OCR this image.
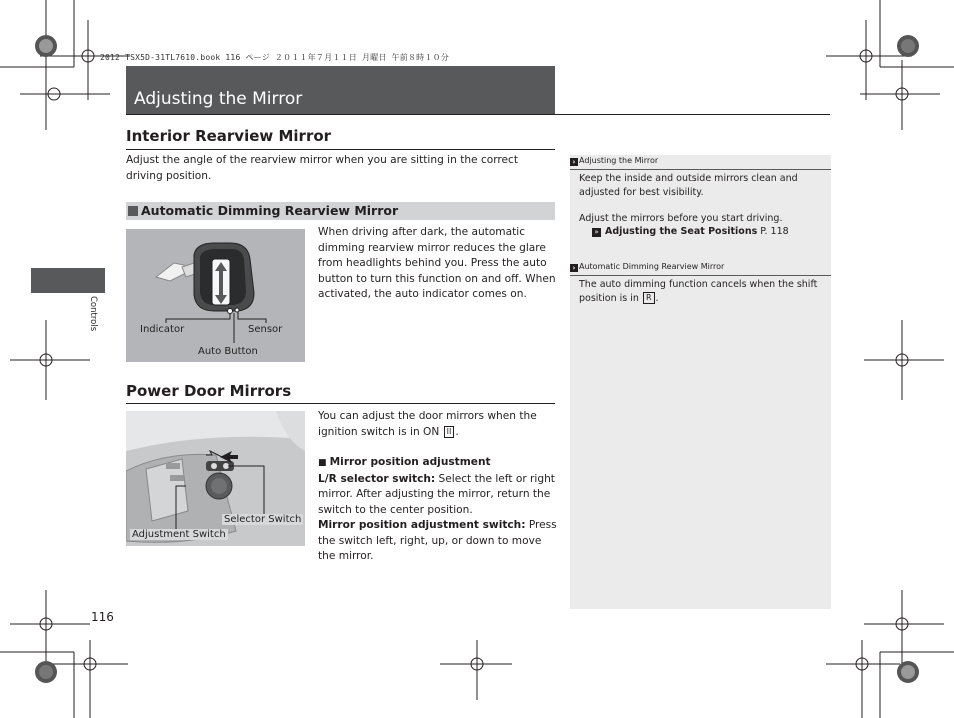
2012 TSX5D-31TL7610.book 116 ページ ２０１１年７月１１日 月曜日 午前８時１０分
Adjusting the Mirror
Controls
Interior Rearview Mirror
Adjust the angle of the rearview mirror when you are sitting in the correct driving position.
Automatic Dimming Rearview Mirror
Indicator	Sensor
Auto Button
When driving after dark, the automatic dimming rearview mirror reduces the glare from headlights behind you. Press the auto button to turn this function on and off. When activated, the auto indicator comes on.
Power Door Mirrors
Selector Switch
Adjustment Switch
You can adjust the door mirrors when the ignition switch is in ON II .
■ Mirror position adjustment
L/R selector switch: Select the left or right mirror. After adjusting the mirror, return the switch to the center position.
Mirror position adjustment switch: Press the switch left, right, up, or down to move the mirror.
› Adjusting the Mirror
Keep the inside and outside mirrors clean and adjusted for best visibility.
Adjust the mirrors before you start driving.
» Adjusting the Seat Positions P. 118
› Automatic Dimming Rearview Mirror
The auto dimming function cancels when the shift position is in R .
116
